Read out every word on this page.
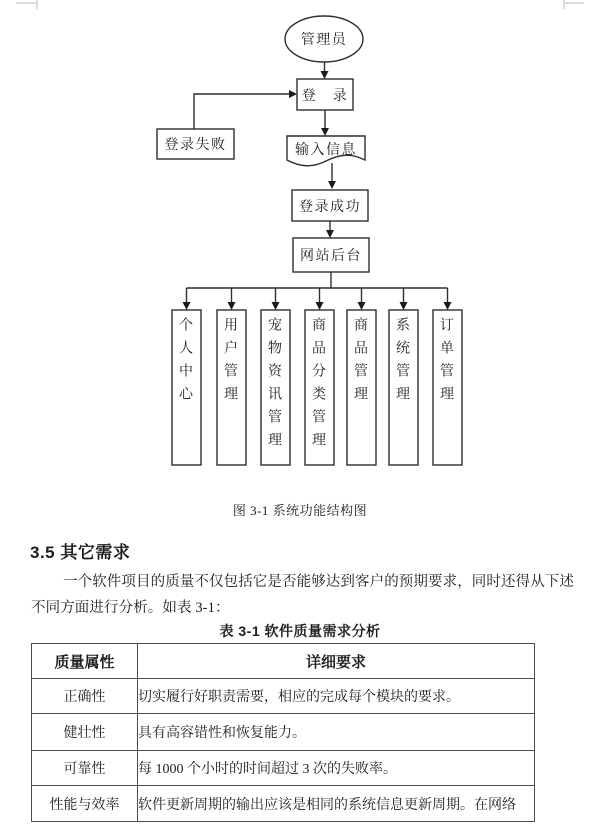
管理员
登　录
登录失败	输入信息
登录成功
网站后台
个人中心	用户管理	宠物资讯管理	商品分类管理	商品管理	系统管理	订单管理
图 3-1 系统功能结构图
3.5 其它需求
一个软件项目的质量不仅包括它是否能够达到客户的预期要求，同时还得从下述
不同方面进行分析。如表 3-1：
表 3-1 软件质量需求分析
质量属性	详细要求
正确性	切实履行好职责需要，相应的完成每个模块的要求。
健壮性	具有高容错性和恢复能力。
可靠性	每 1000 个小时的时间超过 3 次的失败率。
性能与效率	软件更新周期的输出应该是相同的系统信息更新周期。在网络
